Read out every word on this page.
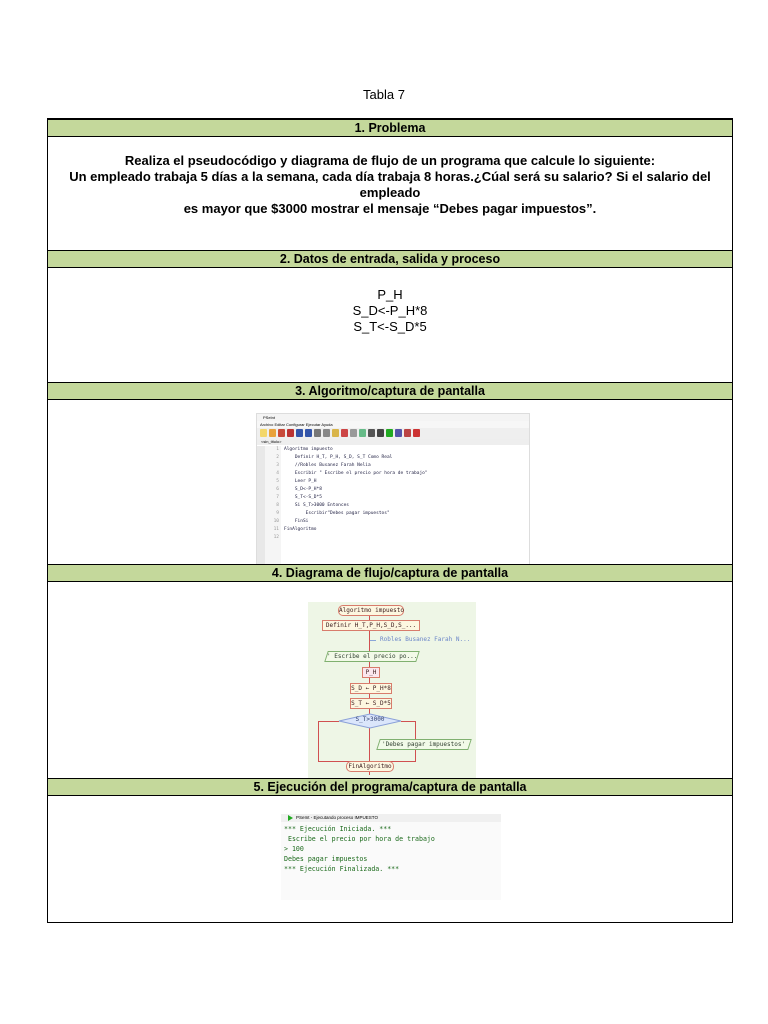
Tabla 7
1. Problema
Realiza el pseudocódigo y diagrama de flujo de un programa que calcule lo siguiente:
Un empleado trabaja 5 días a la semana, cada día trabaja 8 horas.¿Cúal será su salario? Si el salario del empleado
es mayor que $3000 mostrar el mensaje “Debes pagar impuestos”.
2. Datos de entrada, salida y proceso
P_H
S_D<-P_H*8
S_T<-S_D*5
3. Algoritmo/captura de pantalla
PSeInt
Archivo Editar Configurar Ejecutar Ayuda
<sin_titulo>
1
2
3
4
5
6
7
8
9
10
11
12
Algoritmo impuesto
Definir H_T, P_H, S_D, S_T Como Real
//Robles Busanez Farah Nelia
Escribir " Escribe el precio por hora de trabajo"
Leer P_H
S_D<-P_H*8
S_T<-S_D*5
Si S_T>3000 Entonces
Escribir"Debes pagar impuestos"
FinSi
FinAlgoritmo

4. Diagrama de flujo/captura de pantalla
Algoritmo impuesto
Definir H_T,P_H,S_D,S_...
Robles Busanez Farah N...
' Escribe el precio po...
P_H
S_D ← P_H*8
S_T ← S_D*5
S_T>3000
'Debes pagar impuestos'
FinAlgoritmo
5. Ejecución del programa/captura de pantalla
PSeInt - Ejecutando proceso IMPUESTO
*** Ejecución Iniciada. ***
Escribe el precio por hora de trabajo
> 100
Debes pagar impuestos
*** Ejecución Finalizada. ***
